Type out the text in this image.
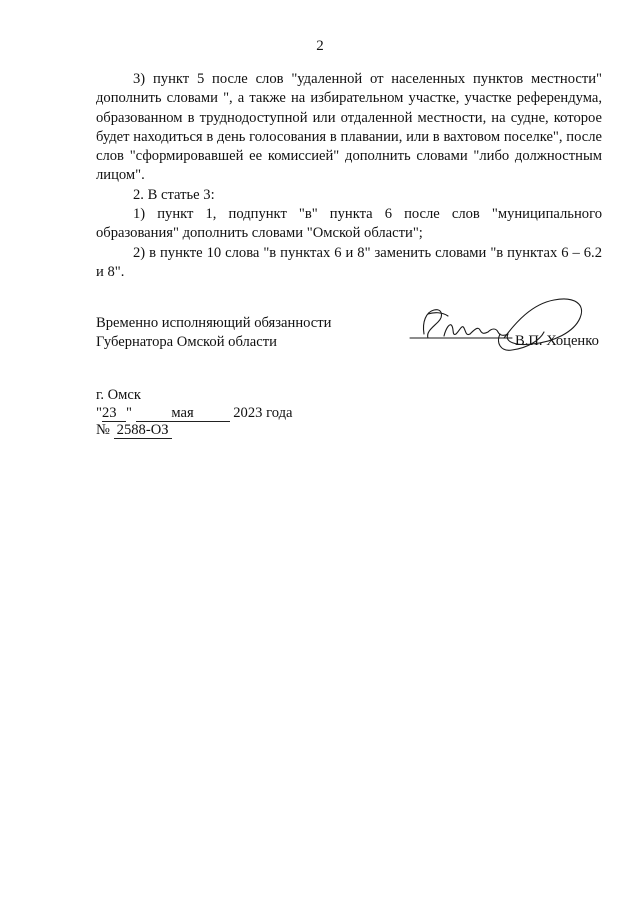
2

3) пункт 5 после слов "удаленной от населенных пунктов местности" дополнить словами ", а также на избирательном участке, участке референдума, образованном в труднодоступной или отдаленной местности, на судне, которое будет находиться в день голосования в плавании, или в вахтовом поселке", после слов "сформировавшей ее комиссией" дополнить словами "либо должностным лицом".

2. В статье 3:

1) пункт 1, подпункт "в" пункта 6 после слов "муниципального образования" дополнить словами "Омской области";

2) в пункте 10 слова "в пунктах 6 и 8" заменить словами "в пунктах 6 – 6.2 и 8".

Временно исполняющий обязанности
Губернатора Омской области	В.П. Хоценко
г. Омск
"23 "	мая	2023 года
№ 2588-ОЗ
